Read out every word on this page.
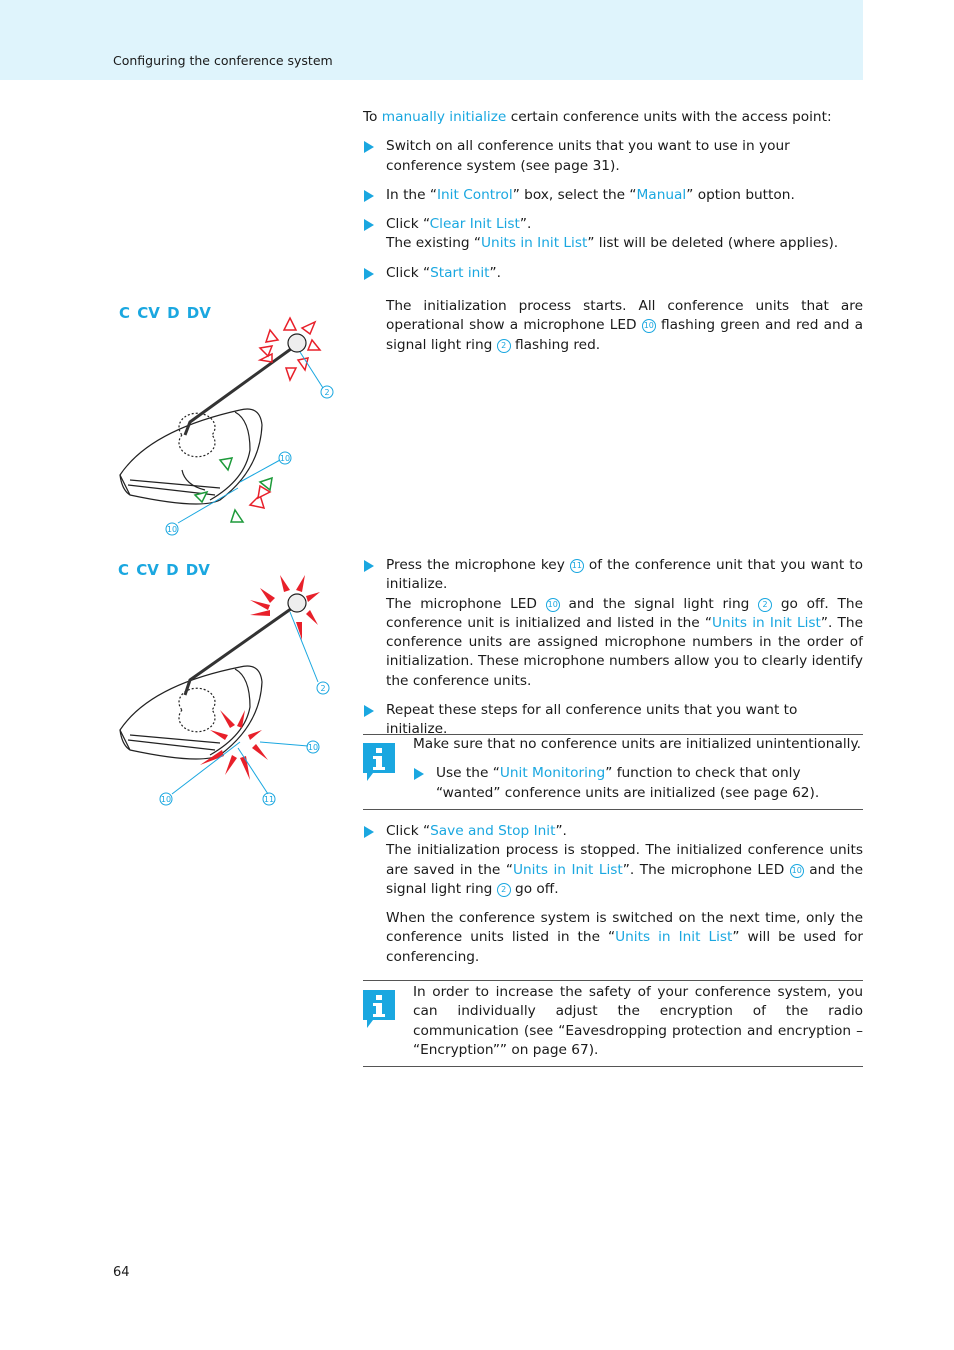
Configuring the conference system
C CV D DV
2
10
10
C CV D DV
2
10
10	11

To manually initialize certain conference units with the access point:

Switch on all conference units that you want to use in your conference system (see page 31).

In the “Init Control” box, select the “Manual” option button.

Click “Clear Init List”.
The existing “Units in Init List” list will be deleted (where applies).

Click “Start init”.

The initialization process starts. All conference units that are operational show a microphone LED 10 flashing green and red and a signal light ring 2 flashing red.

Press the microphone key 11 of the conference unit that you want to initialize.
The microphone LED 10 and the signal light ring 2 go off. The conference unit is initialized and listed in the “Units in Init List”. The conference units are assigned microphone numbers in the order of initialization. These microphone numbers allow you to clearly identify the conference units.

Repeat these steps for all conference units that you want to initialize.

Make sure that no conference units are initialized unintentionally.

Use the “Unit Monitoring” function to check that only “wanted” conference units are initialized (see page 62).

Click “Save and Stop Init”.
The initialization process is stopped. The initialized conference units are saved in the “Units in Init List”. The microphone LED 10 and the signal light ring 2 go off.

When the conference system is switched on the next time, only the conference units listed in the “Units in Init List” will be used for conferencing.

In order to increase the safety of your conference system, you can individually adjust the encryption of the radio communication (see “Eavesdropping protection and encryption – “Encryption”” on page 67).

64
